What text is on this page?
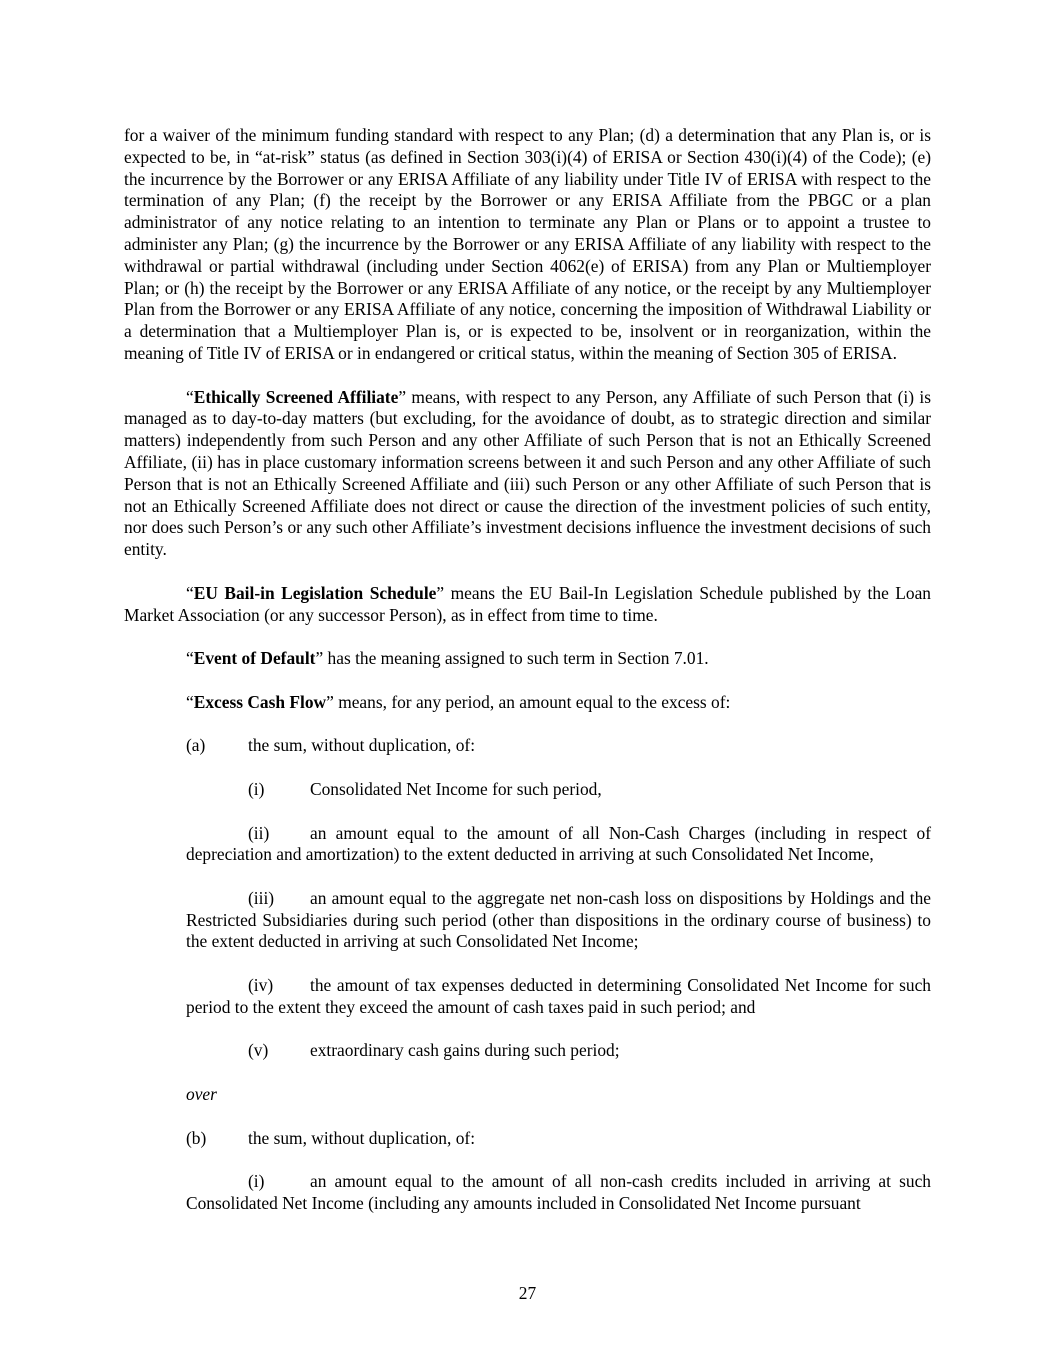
for a waiver of the minimum funding standard with respect to any Plan; (d) a determination that any Plan is, or is expected to be, in “at-risk” status (as defined in Section 303(i)(4) of ERISA or Section 430(i)(4) of the Code); (e) the incurrence by the Borrower or any ERISA Affiliate of any liability under Title IV of ERISA with respect to the termination of any Plan; (f) the receipt by the Borrower or any ERISA Affiliate from the PBGC or a plan administrator of any notice relating to an intention to terminate any Plan or Plans or to appoint a trustee to administer any Plan; (g) the incurrence by the Borrower or any ERISA Affiliate of any liability with respect to the withdrawal or partial withdrawal (including under Section 4062(e) of ERISA) from any Plan or Multiemployer Plan; or (h) the receipt by the Borrower or any ERISA Affiliate of any notice, or the receipt by any Multiemployer Plan from the Borrower or any ERISA Affiliate of any notice, concerning the imposition of Withdrawal Liability or a determination that a Multiemployer Plan is, or is expected to be, insolvent or in reorganization, within the meaning of Title IV of ERISA or in endangered or critical status, within the meaning of Section 305 of ERISA.

“Ethically Screened Affiliate” means, with respect to any Person, any Affiliate of such Person that (i) is managed as to day-to-day matters (but excluding, for the avoidance of doubt, as to strategic direction and similar matters) independently from such Person and any other Affiliate of such Person that is not an Ethically Screened Affiliate, (ii) has in place customary information screens between it and such Person and any other Affiliate of such Person that is not an Ethically Screened Affiliate and (iii) such Person or any other Affiliate of such Person that is not an Ethically Screened Affiliate does not direct or cause the direction of the investment policies of such entity, nor does such Person’s or any such other Affiliate’s investment decisions influence the investment decisions of such entity.

“EU Bail-in Legislation Schedule” means the EU Bail-In Legislation Schedule published by the Loan Market Association (or any successor Person), as in effect from time to time.

“Event of Default” has the meaning assigned to such term in Section 7.01.

“Excess Cash Flow” means, for any period, an amount equal to the excess of:

(a) the sum, without duplication, of:

(i)	Consolidated Net Income for such period,

(ii) an amount equal to the amount of all Non-Cash Charges (including in respect of depreciation and amortization) to the extent deducted in arriving at such Consolidated Net Income,

(iii) an amount equal to the aggregate net non-cash loss on dispositions by Holdings and the Restricted Subsidiaries during such period (other than dispositions in the ordinary course of business) to the extent deducted in arriving at such Consolidated Net Income;

(iv) the amount of tax expenses deducted in determining Consolidated Net Income for such period to the extent they exceed the amount of cash taxes paid in such period; and

(v) extraordinary cash gains during such period;

over

(b) the sum, without duplication, of:

(i)	an amount equal to the amount of all non-cash credits included in arriving at such Consolidated Net Income (including any amounts included in Consolidated Net Income pursuant

27
